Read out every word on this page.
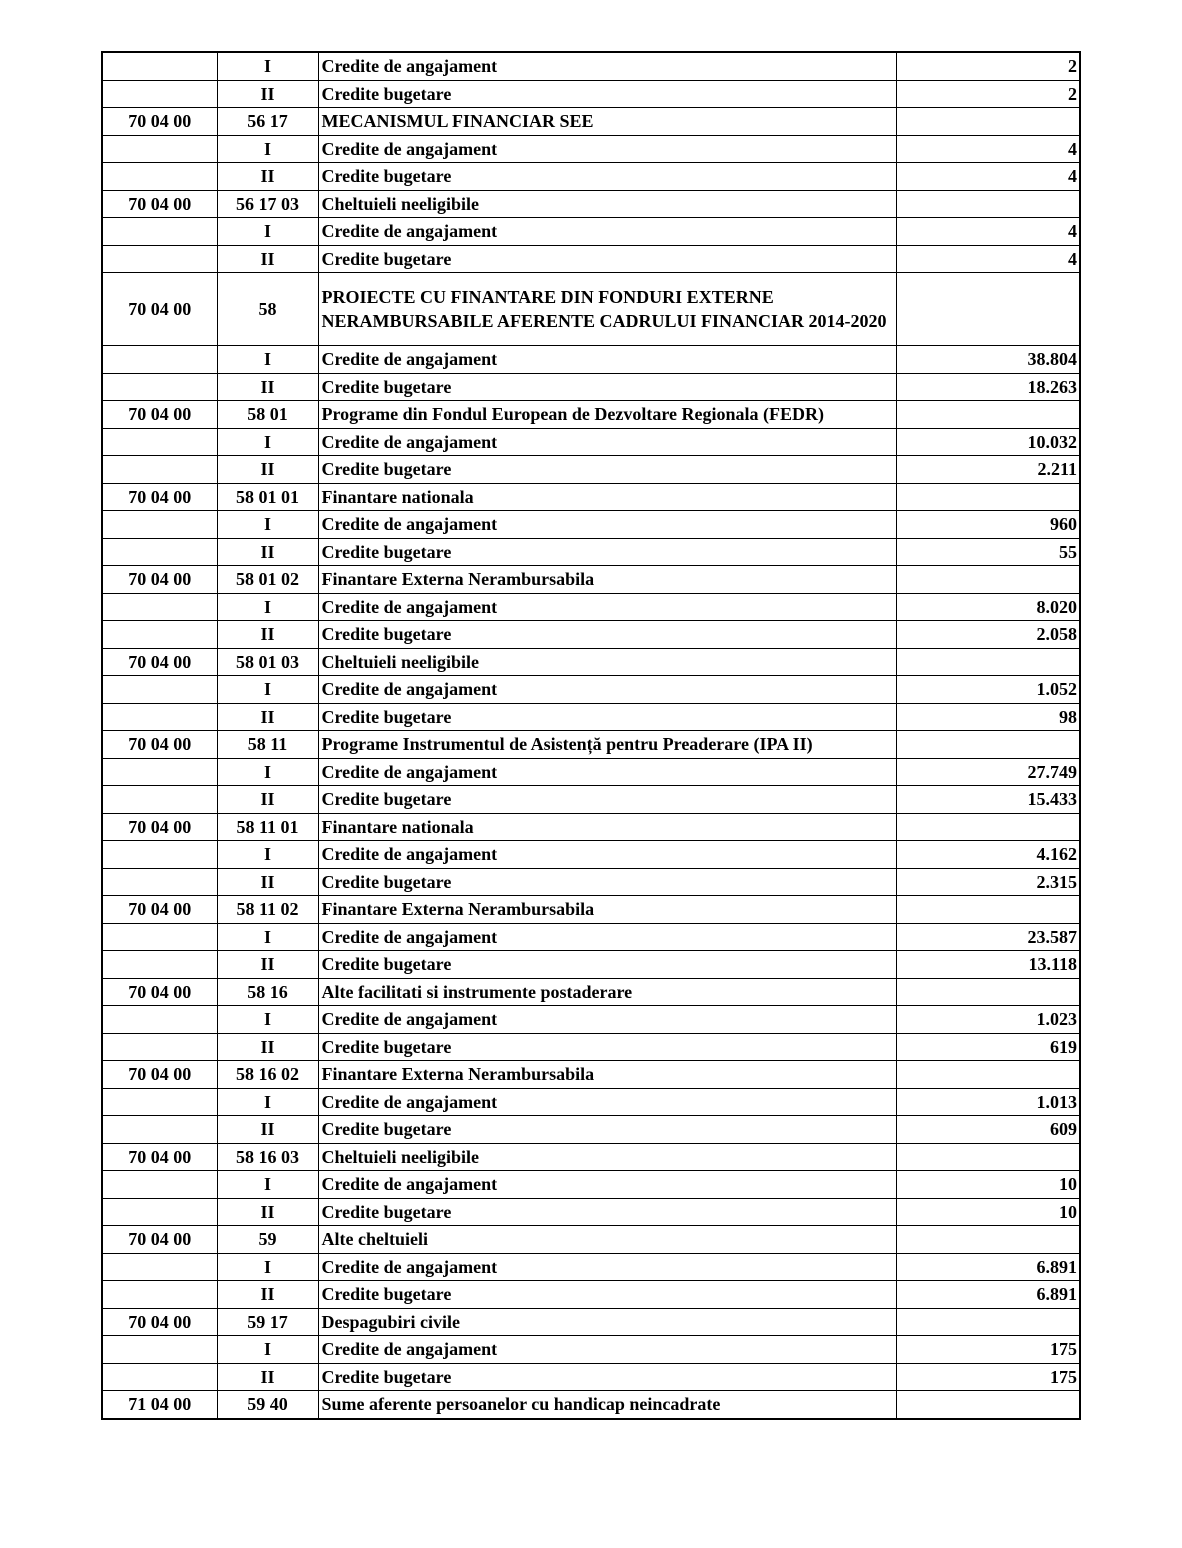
	I	Credite de angajament	2
	II	Credite bugetare	2
70 04 00	56 17	MECANISMUL FINANCIAR SEE	
	I	Credite de angajament	4
	II	Credite bugetare	4
70 04 00	56 17 03	Cheltuieli neeligibile	
	I	Credite de angajament	4
	II	Credite bugetare	4
70 04 00	58	PROIECTE CU FINANTARE DIN FONDURI EXTERNE NERAMBURSABILE AFERENTE CADRULUI FINANCIAR 2014-2020	
	I	Credite de angajament	38.804
	II	Credite bugetare	18.263
70 04 00	58 01	Programe din Fondul European de Dezvoltare Regionala (FEDR)	
	I	Credite de angajament	10.032
	II	Credite bugetare	2.211
70 04 00	58 01 01	Finantare nationala	
	I	Credite de angajament	960
	II	Credite bugetare	55
70 04 00	58 01 02	Finantare Externa Nerambursabila	
	I	Credite de angajament	8.020
	II	Credite bugetare	2.058
70 04 00	58 01 03	Cheltuieli neeligibile	
	I	Credite de angajament	1.052
	II	Credite bugetare	98
70 04 00	58 11	Programe Instrumentul de Asistență pentru Preaderare (IPA II)	
	I	Credite de angajament	27.749
	II	Credite bugetare	15.433
70 04 00	58 11 01	Finantare nationala	
	I	Credite de angajament	4.162
	II	Credite bugetare	2.315
70 04 00	58 11 02	Finantare Externa Nerambursabila	
	I	Credite de angajament	23.587
	II	Credite bugetare	13.118
70 04 00	58 16	Alte facilitati si instrumente postaderare	
	I	Credite de angajament	1.023
	II	Credite bugetare	619
70 04 00	58 16 02	Finantare Externa Nerambursabila	
	I	Credite de angajament	1.013
	II	Credite bugetare	609
70 04 00	58 16 03	Cheltuieli neeligibile	
	I	Credite de angajament	10
	II	Credite bugetare	10
70 04 00	59	Alte cheltuieli	
	I	Credite de angajament	6.891
	II	Credite bugetare	6.891
70 04 00	59 17	Despagubiri civile	
	I	Credite de angajament	175
	II	Credite bugetare	175
71 04 00	59 40	Sume aferente persoanelor cu handicap neincadrate	
